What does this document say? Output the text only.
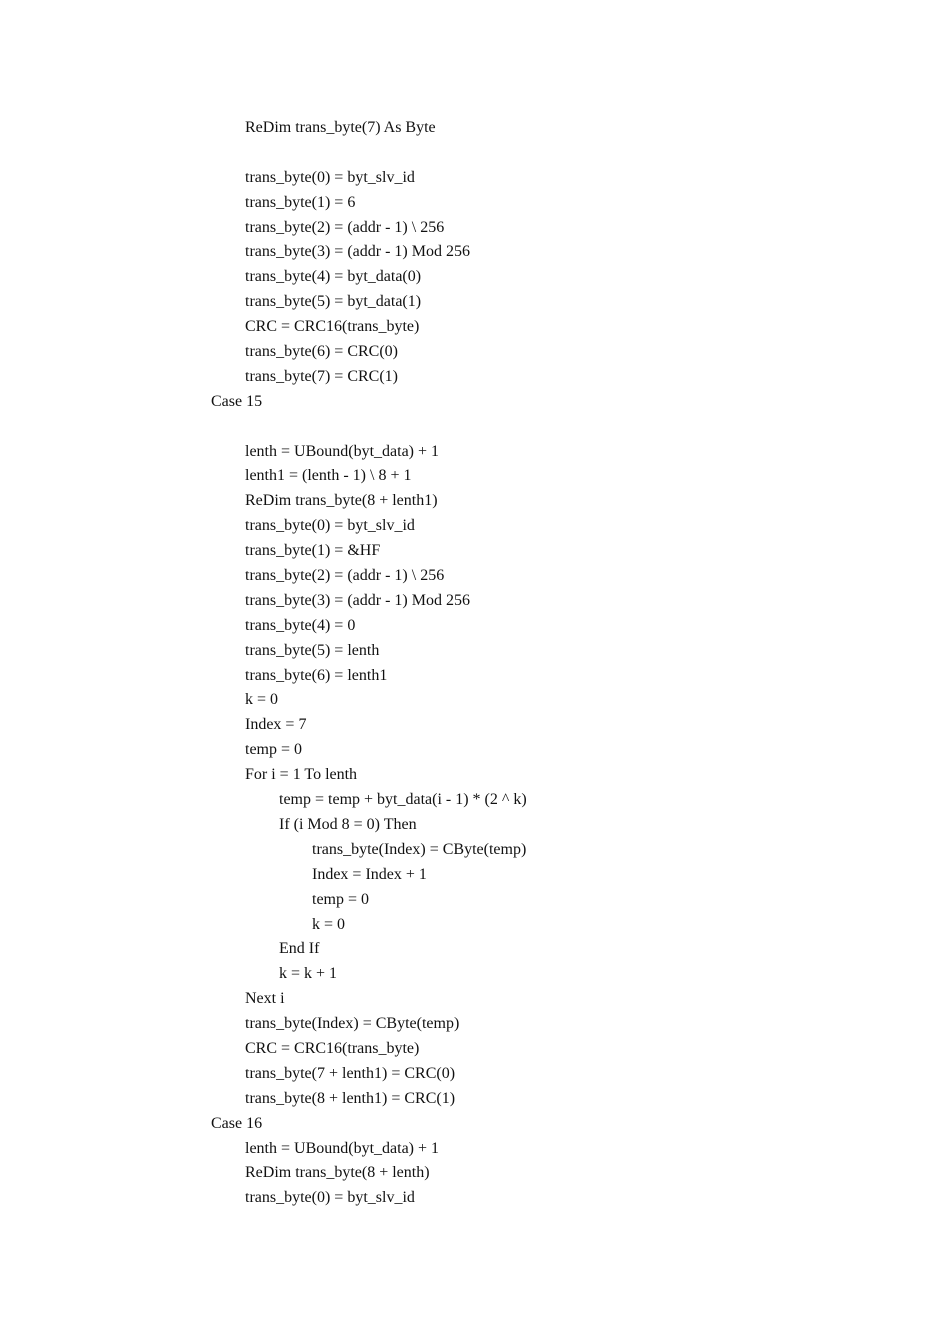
ReDim trans_byte(7) As Byte
trans_byte(0) = byt_slv_id
trans_byte(1) = 6
trans_byte(2) = (addr - 1) \ 256
trans_byte(3) = (addr - 1) Mod 256
trans_byte(4) = byt_data(0)
trans_byte(5) = byt_data(1)
CRC = CRC16(trans_byte)
trans_byte(6) = CRC(0)
trans_byte(7) = CRC(1)
Case 15
lenth = UBound(byt_data) + 1
lenth1 = (lenth - 1) \ 8 + 1
ReDim trans_byte(8 + lenth1)
trans_byte(0) = byt_slv_id
trans_byte(1) = &HF
trans_byte(2) = (addr - 1) \ 256
trans_byte(3) = (addr - 1) Mod 256
trans_byte(4) = 0
trans_byte(5) = lenth
trans_byte(6) = lenth1
k = 0
Index = 7
temp = 0
For i = 1 To lenth
temp = temp + byt_data(i - 1) * (2 ^ k)
If (i Mod 8 = 0) Then
trans_byte(Index) = CByte(temp)
Index = Index + 1
temp = 0
k = 0
End If
k = k + 1
Next i
trans_byte(Index) = CByte(temp)
CRC = CRC16(trans_byte)
trans_byte(7 + lenth1) = CRC(0)
trans_byte(8 + lenth1) = CRC(1)
Case 16
lenth = UBound(byt_data) + 1
ReDim trans_byte(8 + lenth)
trans_byte(0) = byt_slv_id
